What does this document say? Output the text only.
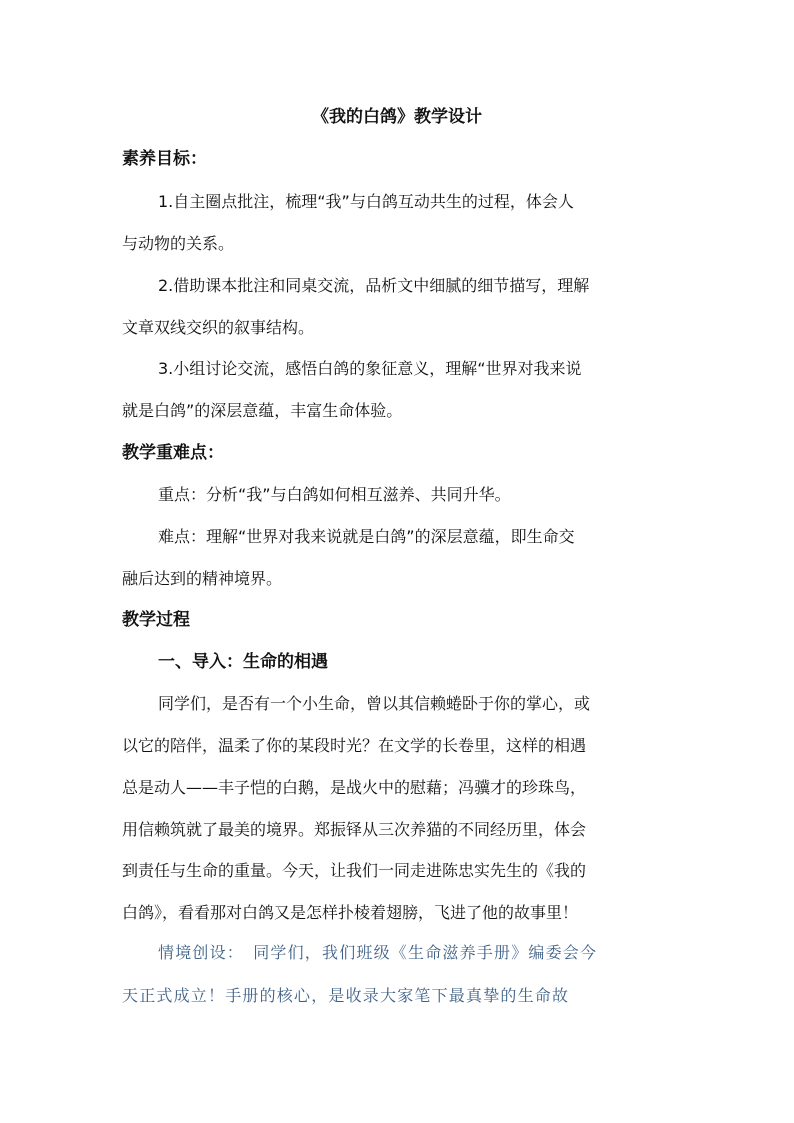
《我的白鸽》教学设计
素养目标：
1.自主圈点批注，梳理“我”与白鸽互动共生的过程，体会人
与动物的关系。
2.借助课本批注和同桌交流，品析文中细腻的细节描写，理解
文章双线交织的叙事结构。
3.小组讨论交流，感悟白鸽的象征意义，理解“世界对我来说
就是白鸽”的深层意蕴，丰富生命体验。
教学重难点：
重点：分析“我”与白鸽如何相互滋养、共同升华。
难点：理解“世界对我来说就是白鸽”的深层意蕴，即生命交
融后达到的精神境界。
教学过程
一、导入：生命的相遇
同学们，是否有一个小生命，曾以其信赖蜷卧于你的掌心，或
以它的陪伴，温柔了你的某段时光？在文学的长卷里，这样的相遇
总是动人——丰子恺的白鹅，是战火中的慰藉；冯骥才的珍珠鸟，
用信赖筑就了最美的境界。郑振铎从三次养猫的不同经历里，体会
到责任与生命的重量。今天，让我们一同走进陈忠实先生的《我的
白鸽》，看看那对白鸽又是怎样扑棱着翅膀，飞进了他的故事里！
情境创设：　同学们，我们班级《生命滋养手册》编委会今
天正式成立！手册的核心，是收录大家笔下最真挚的生命故
